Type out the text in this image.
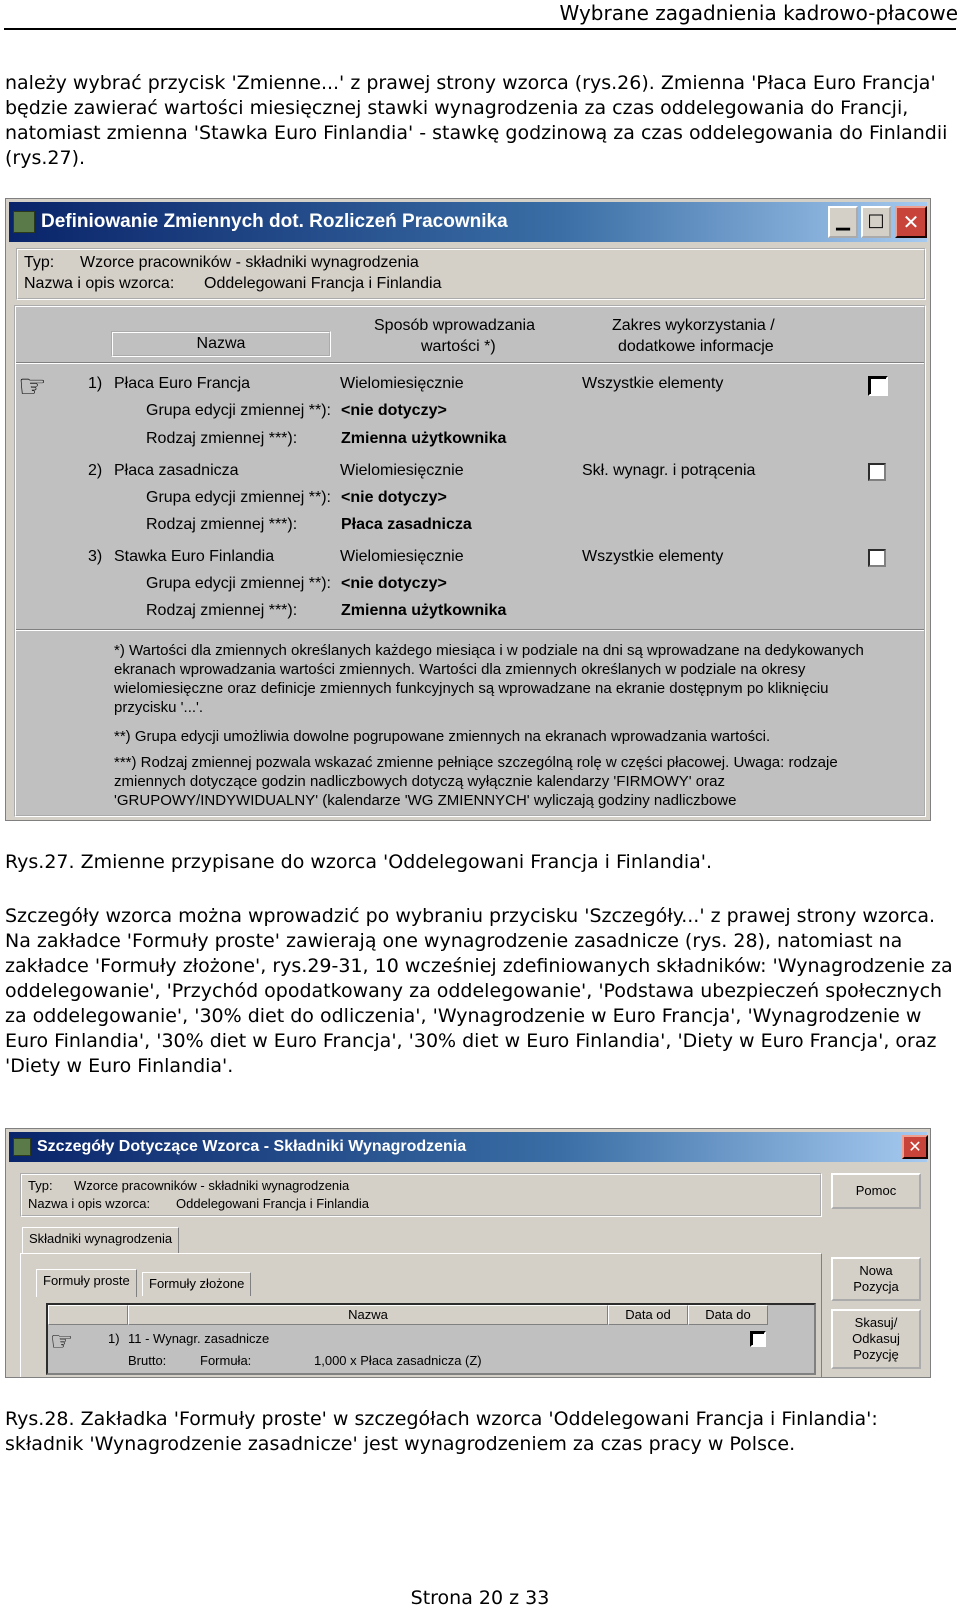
Wybrane zagadnienia kadrowo-płacowe

należy wybrać przycisk 'Zmienne...' z prawej strony wzorca (rys.26). Zmienna 'Płaca Euro Francja' będzie zawierać wartości miesięcznej stawki wynagrodzenia za czas oddelegowania do Francji, natomiast zmienna 'Stawka Euro Finlandia' - stawkę godzinową za czas oddelegowania do Finlandii (rys.27).

Definiowanie Zmiennych dot. Rozliczeń Pracownika	▁ □ ✕
Typ: Wzorce pracowników - składniki wynagrodzenia
Nazwa i opis wzorca: Oddelegowani Francja i Finlandia
Nazwa
Sposób wprowadzania
wartości *)
Zakres wykorzystania /
dodatkowe informacje
☞	1) Płaca Euro Francja	Wielomiesięcznie	Wszystkie elementy
Grupa edycji zmiennej **): <nie dotyczy>
Rodzaj zmiennej ***):	Zmienna użytkownika
2) Płaca zasadnicza	Wielomiesięcznie	Skł. wynagr. i potrącenia
Grupa edycji zmiennej **): <nie dotyczy>
Rodzaj zmiennej ***):	Płaca zasadnicza
3) Stawka Euro Finlandia	Wielomiesięcznie	Wszystkie elementy
Grupa edycji zmiennej **): <nie dotyczy>
Rodzaj zmiennej ***):	Zmienna użytkownika
*) Wartości dla zmiennych określanych każdego miesiąca i w podziale na dni są wprowadzane na dedykowanych ekranach wprowadzania wartości zmiennych. Wartości dla zmiennych określanych w podziale na okresy wielomiesięczne oraz definicje zmiennych funkcyjnych są wprowadzane na ekranie dostępnym po kliknięciu przycisku '...'.
**) Grupa edycji umożliwia dowolne pogrupowane zmiennych na ekranach wprowadzania wartości.
***) Rodzaj zmiennej pozwala wskazać zmienne pełniące szczególną rolę w części płacowej. Uwaga: rodzaje zmiennych dotyczące godzin nadliczbowych dotyczą wyłącznie kalendarzy 'FIRMOWY' oraz 'GRUPOWY/INDYWIDUALNY' (kalendarze 'WG ZMIENNYCH' wyliczają godziny nadliczbowe

Rys.27. Zmienne przypisane do wzorca 'Oddelegowani Francja i Finlandia'.

Szczegóły wzorca można wprowadzić po wybraniu przycisku 'Szczegóły...' z prawej strony wzorca. Na zakładce 'Formuły proste' zawierają one wynagrodzenie zasadnicze (rys. 28), natomiast na zakładce 'Formuły złożone', rys.29-31, 10 wcześniej zdefiniowanych składników: 'Wynagrodzenie za oddelegowanie', 'Przychód opodatkowany za oddelegowanie', 'Podstawa ubezpieczeń społecznych za oddelegowanie', '30% diet do odliczenia', 'Wynagrodzenie w Euro Francja', 'Wynagrodzenie w Euro Finlandia', '30% diet w Euro Francja', '30% diet w Euro Finlandia', 'Diety w Euro Francja', oraz 'Diety w Euro Finlandia'.

Szczegóły Dotyczące Wzorca - Składniki Wynagrodzenia	✕
Typ: Wzorce pracowników - składniki wynagrodzenia
Nazwa i opis wzorca: Oddelegowani Francja i Finlandia
Pomoc
Nowa
Pozycja
Skasuj/
Odkasuj
Pozycję
Składniki wynagrodzenia
Formuły proste	Formuły złożone
Nazwa	Data od	Data do
☞	1) 11 - Wynagr. zasadnicze
Brutto:	Formuła:	1,000 x Płaca zasadnicza (Z)

Rys.28. Zakładka 'Formuły proste' w szczegółach wzorca 'Oddelegowani Francja i Finlandia': składnik 'Wynagrodzenie zasadnicze' jest wynagrodzeniem za czas pracy w Polsce.

Strona 20 z 33
